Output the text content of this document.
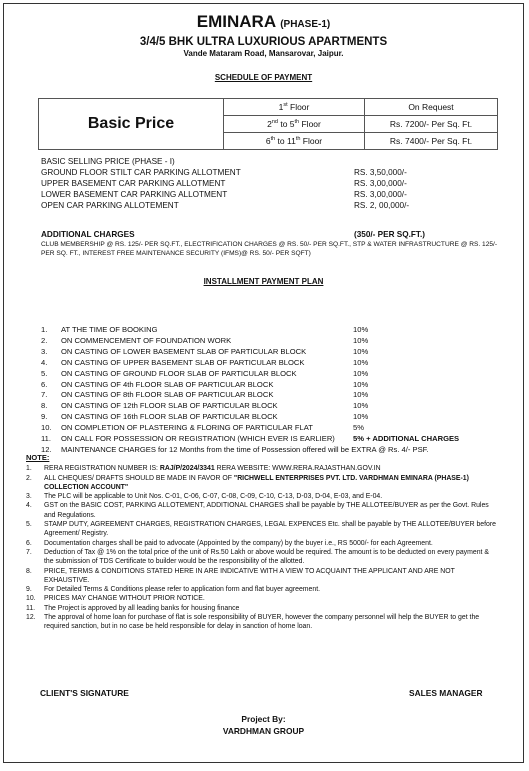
EMINARA (PHASE-1)
3/4/5 BHK ULTRA LUXURIOUS APARTMENTS
Vande Mataram Road, Mansarovar, Jaipur.
SCHEDULE OF PAYMENT
Basic Price	1st Floor	On Request
	2nd to 5th Floor	Rs. 7200/- Per Sq. Ft.
	6th to 11th Floor	Rs. 7400/- Per Sq. Ft.
BASIC SELLING PRICE (PHASE - I)
GROUND FLOOR STILT CAR PARKING ALLOTMENT	RS. 3,50,000/-
UPPER BASEMENT CAR PARKING ALLOTMENT	RS. 3,00,000/-
LOWER BASEMENT CAR PARKING ALLOTMENT	RS. 3,00,000/-
OPEN CAR PARKING ALLOTEMENT	RS. 2, 00,000/-
ADDITIONAL CHARGES	(350/- PER SQ.FT.)
CLUB MEMBERSHIP @ RS. 125/- PER SQ.FT., ELECTRIFICATION CHARGES @ RS. 50/- PER SQ.FT., STP & WATER INFRASTRUCTURE @ RS. 125/- PER SQ. FT., INTEREST FREE MAINTENANCE SECURITY (IFMS)@ RS. 50/- PER SQFT)
INSTALLMENT PAYMENT PLAN
1.	AT THE TIME OF BOOKING	10%
2.	ON COMMENCEMENT OF FOUNDATION WORK	10%
3.	ON CASTING OF LOWER BASEMENT SLAB OF PARTICULAR BLOCK	10%
4.	ON CASTING OF UPPER BASEMENT SLAB OF PARTICULAR BLOCK	10%
5.	ON CASTING OF GROUND FLOOR SLAB OF PARTICULAR BLOCK	10%
6.	ON CASTING OF 4th FLOOR SLAB OF PARTICULAR BLOCK	10%
7.	ON CASTING OF 8th FLOOR SLAB OF PARTICULAR BLOCK	10%
8.	ON CASTING OF 12th FLOOR SLAB OF PARTICULAR BLOCK	10%
9.	ON CASTING OF 16th FLOOR SLAB OF PARTICULAR BLOCK	10%
10.	ON COMPLETION OF PLASTERING & FLORING OF PARTICULAR FLAT	5%
11.	ON CALL FOR POSSESSION OR REGISTRATION (WHICH EVER IS EARLIER)	5% + ADDITIONAL CHARGES
12.	MAINTENANCE CHARGES for 12 Months from the time of Possession offered will be EXTRA @ Rs. 4/- PSF.
NOTE:
1.	RERA REGISTRATION NUMBER IS: RAJ/P/2024/3341 RERA WEBSITE: WWW.RERA.RAJASTHAN.GOV.IN
2.	ALL CHEQUES/ DRAFTS SHOULD BE MADE IN FAVOR OF "RICHWELL ENTERPRISES PVT. LTD. VARDHMAN EMINARA (PHASE-1) COLLECTION ACCOUNT"
3.	The PLC will be applicable to Unit Nos. C-01, C-06, C-07, C-08, C-09, C-10, C-13, D-03, D-04, E-03, and E-04.
4.	GST on the BASIC COST, PARKING ALLOTEMENT, ADDITIONAL CHARGES shall be payable by THE ALLOTEE/BUYER as per the Govt. Rules and Regulations.
5.	STAMP DUTY, AGREEMENT CHARGES, REGISTRATION CHARGES, LEGAL EXPENCES Etc. shall be payable by THE ALLOTEE/BUYER before Agreement/ Registry.
6.	Documentation charges shall be paid to advocate (Appointed by the company) by the buyer i.e., RS 5000/- for each Agreement.
7.	Deduction of Tax @ 1% on the total price of the unit of Rs.50 Lakh or above would be required. The amount is to be deducted on every payment & the submission of TDS Certificate to builder would be the responsibility of the allotted.
8.	PRICE, TERMS & CONDITIONS STATED HERE IN ARE INDICATIVE WITH A VIEW TO ACQUAINT THE APPLICANT AND ARE NOT EXHAUSTIVE.
9.	For Detailed Terms & Conditions please refer to application form and flat buyer agreement.
10.	PRICES MAY CHANGE WITHOUT PRIOR NOTICE.
11.	The Project is approved by all leading banks for housing finance
12.	The approval of home loan for purchase of flat is sole responsibility of BUYER, however the company personnel will help the BUYER to get the required sanction, but in no case be held responsible for delay in sanction of home loan.
CLIENT'S SIGNATURE	SALES MANAGER
Project By:
VARDHMAN GROUP
